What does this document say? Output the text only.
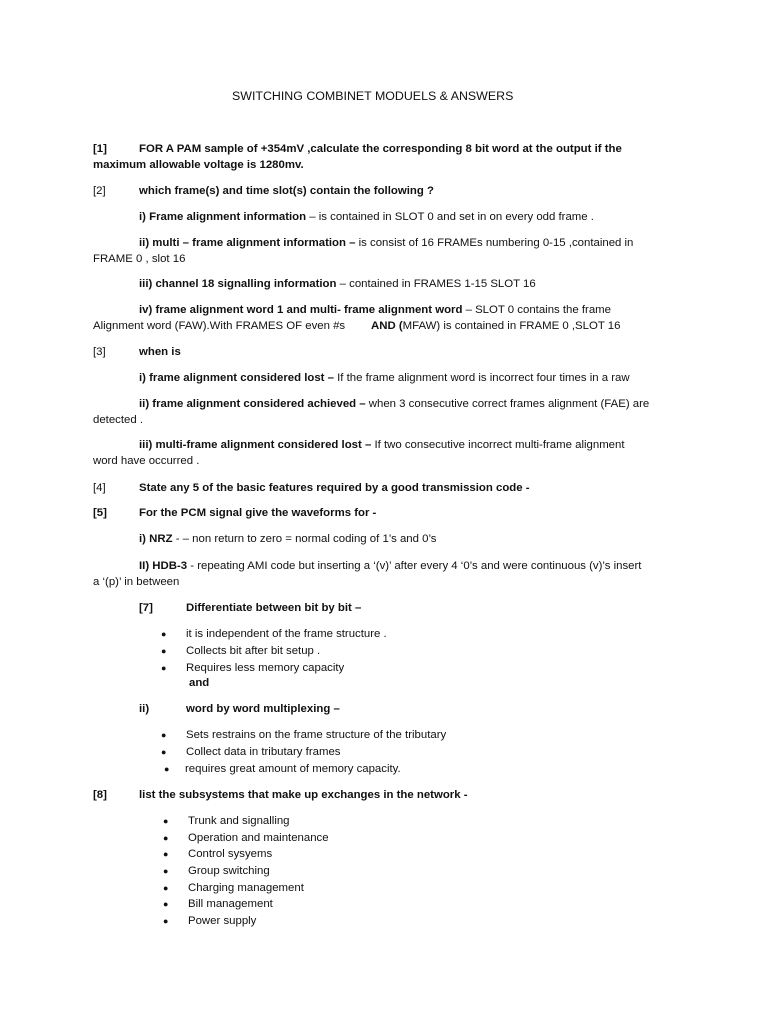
SWITCHING COMBINET MODUELS & ANSWERS
[1]	FOR A PAM sample of +354mV ,calculate the corresponding 8 bit word at the output if the
maximum allowable voltage is 1280mv.
[2]	which frame(s) and time slot(s) contain the following ?
i) Frame alignment information – is contained in SLOT 0 and set in on every odd frame .
ii) multi – frame alignment information – is consist of 16 FRAMEs numbering 0-15 ,contained in
FRAME 0 , slot 16
iii) channel 18 signalling information – contained in FRAMES 1-15 SLOT 16
iv) frame alignment word 1 and multi- frame alignment word – SLOT 0 contains the frame
Alignment word (FAW).With FRAMES OF even #s AND (MFAW) is contained in FRAME 0 ,SLOT 16
[3]	when is
i) frame alignment considered lost – If the frame alignment word is incorrect four times in a raw
ii) frame alignment considered achieved – when 3 consecutive correct frames alignment (FAE) are
detected .
iii) multi-frame alignment considered lost – If two consecutive incorrect multi-frame alignment
word have occurred .
[4]	State any 5 of the basic features required by a good transmission code -
[5]	For the PCM signal give the waveforms for -
i) NRZ - – non return to zero = normal coding of 1’s and 0’s
II) HDB-3 - repeating AMI code but inserting a ‘(v)’ after every 4 ‘0’s and were continuous (v)’s insert
a ‘(p)’ in between
[7]	Differentiate between bit by bit –
● it is independent of the frame structure .
● Collects bit after bit setup .
● Requires less memory capacity
and
ii)	word by word multiplexing –
● Sets restrains on the frame structure of the tributary
● Collect data in tributary frames
● requires great amount of memory capacity.
[8]	list the subsystems that make up exchanges in the network -
● Trunk and signalling
● Operation and maintenance
● Control sysyems
● Group switching
● Charging management
● Bill management
● Power supply
